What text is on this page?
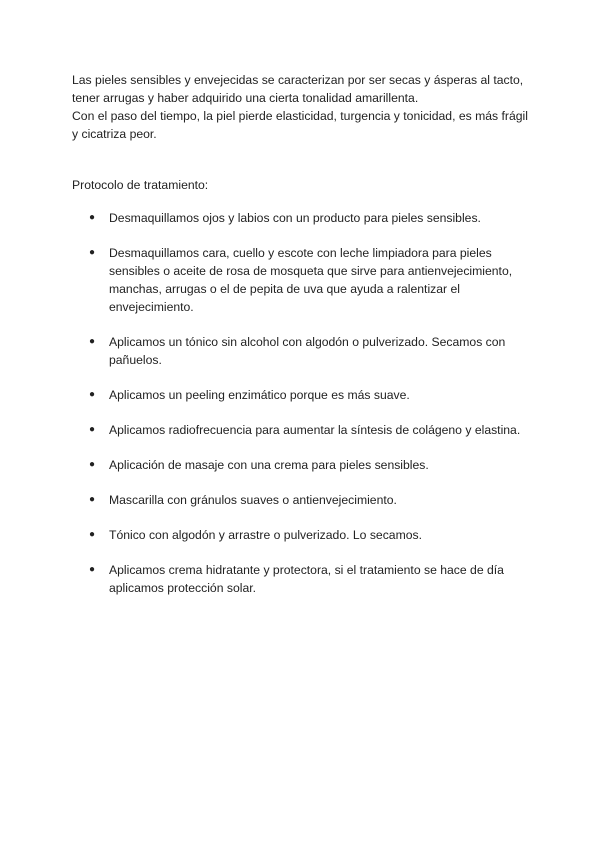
Las pieles sensibles y envejecidas se caracterizan por ser secas y ásperas al tacto, tener arrugas y haber adquirido una cierta tonalidad amarillenta.

Con el paso del tiempo, la piel pierde elasticidad, turgencia y tonicidad, es más frágil y cicatriza peor.

Protocolo de tratamiento:

● Desmaquillamos ojos y labios con un producto para pieles sensibles.
● Desmaquillamos cara, cuello y escote con leche limpiadora para pieles sensibles o aceite de rosa de mosqueta que sirve para antienvejecimiento, manchas, arrugas o el de pepita de uva que ayuda a ralentizar el envejecimiento.
● Aplicamos un tónico sin alcohol con algodón o pulverizado. Secamos con pañuelos.
● Aplicamos un peeling enzimático porque es más suave.
● Aplicamos radiofrecuencia para aumentar la síntesis de colágeno y elastina.
● Aplicación de masaje con una crema para pieles sensibles.
● Mascarilla con gránulos suaves o antienvejecimiento.
● Tónico con algodón y arrastre o pulverizado. Lo secamos.
● Aplicamos crema hidratante y protectora, si el tratamiento se hace de día aplicamos protección solar.
